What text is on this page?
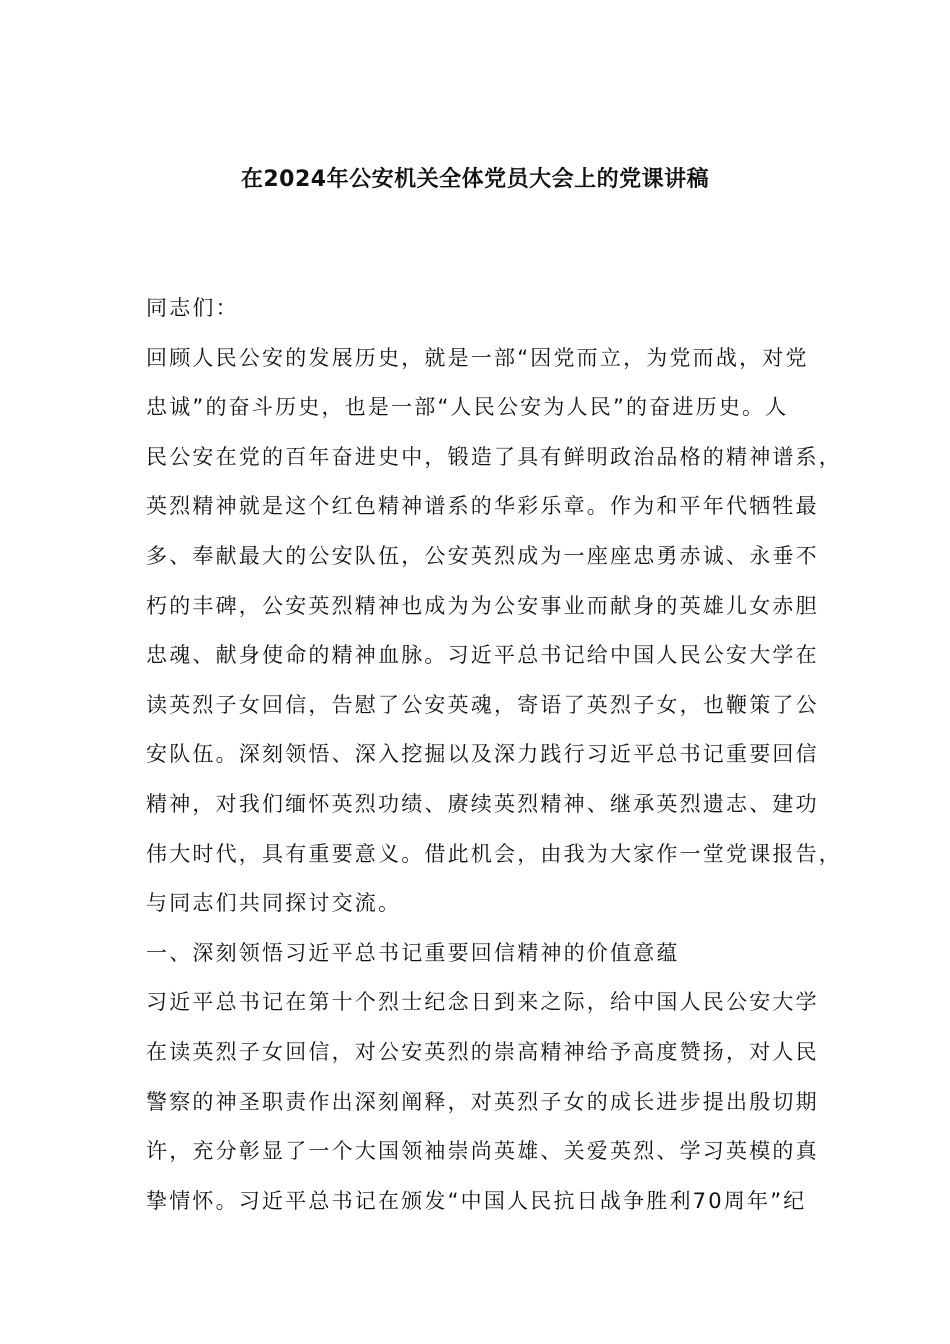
在2024年公安机关全体党员大会上的党课讲稿
同志们：
回顾人民公安的发展历史，就是一部“因党而立，为党而战，对党
忠诚”的奋斗历史，也是一部“人民公安为人民”的奋进历史。人
民公安在党的百年奋进史中，锻造了具有鲜明政治品格的精神谱系，
英烈精神就是这个红色精神谱系的华彩乐章。作为和平年代牺牲最
多、奉献最大的公安队伍，公安英烈成为一座座忠勇赤诚、永垂不
朽的丰碑，公安英烈精神也成为为公安事业而献身的英雄儿女赤胆
忠魂、献身使命的精神血脉。习近平总书记给中国人民公安大学在
读英烈子女回信，告慰了公安英魂，寄语了英烈子女，也鞭策了公
安队伍。深刻领悟、深入挖掘以及深力践行习近平总书记重要回信
精神，对我们缅怀英烈功绩、赓续英烈精神、继承英烈遗志、建功
伟大时代，具有重要意义。借此机会，由我为大家作一堂党课报告，
与同志们共同探讨交流。
一、深刻领悟习近平总书记重要回信精神的价值意蕴
习近平总书记在第十个烈士纪念日到来之际，给中国人民公安大学
在读英烈子女回信，对公安英烈的崇高精神给予高度赞扬，对人民
警察的神圣职责作出深刻阐释，对英烈子女的成长进步提出殷切期
许，充分彰显了一个大国领袖崇尚英雄、关爱英烈、学习英模的真
挚情怀。习近平总书记在颁发“中国人民抗日战争胜利70周年”纪
